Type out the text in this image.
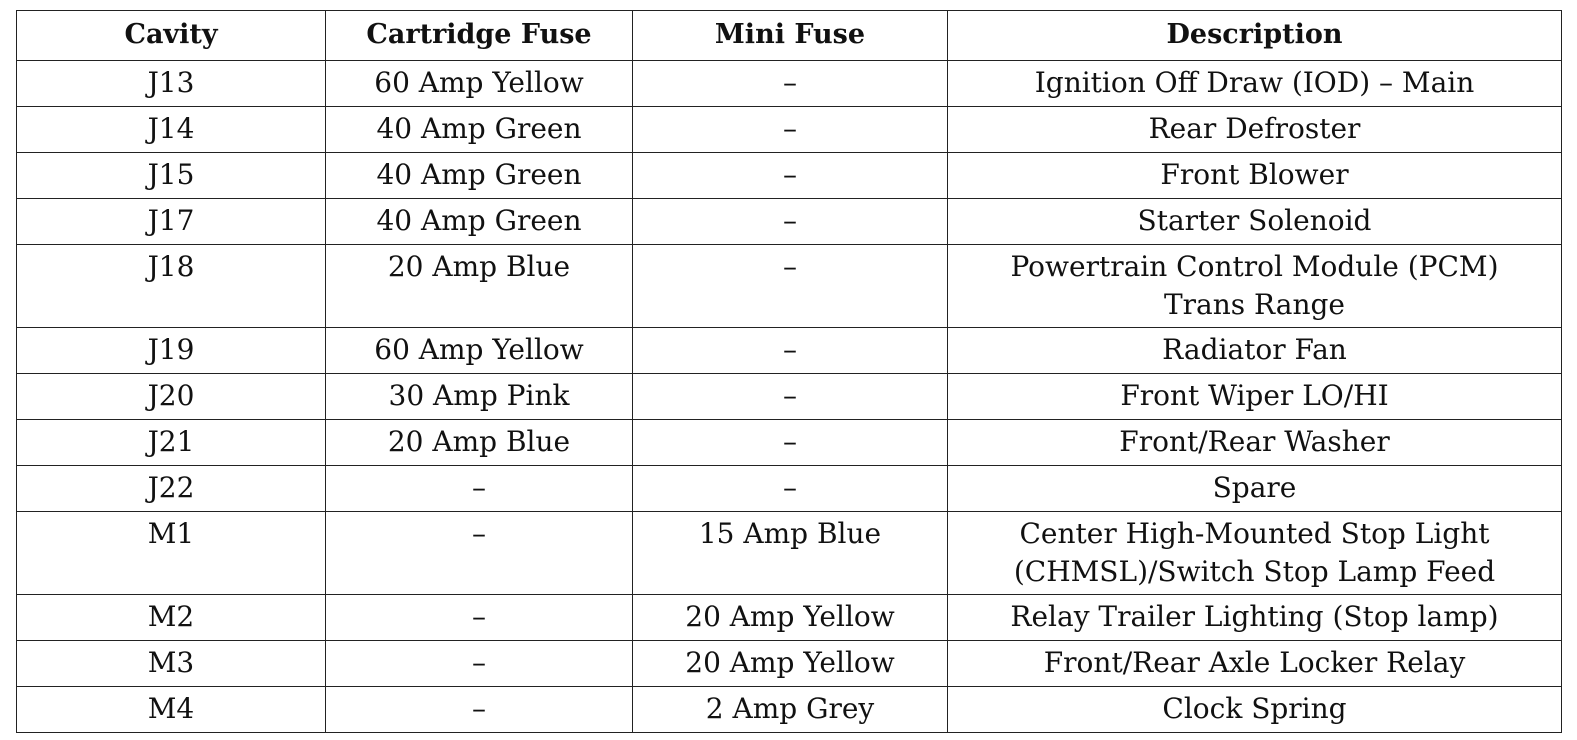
Cavity	Cartridge Fuse	Mini Fuse	Description
J13	60 Amp Yellow	–	Ignition Off Draw (IOD) – Main

J14	40 Amp Green	–	Rear Defroster

J15	40 Amp Green	–	Front Blower

J17	40 Amp Green	–	Starter Solenoid

J18	20 Amp Blue	–	Powertrain Control Module (PCM)
Trans Range

J19	60 Amp Yellow	–	Radiator Fan

J20	30 Amp Pink	–	Front Wiper LO/HI

J21	20 Amp Blue	–	Front/Rear Washer

J22	–	–	Spare

M1	–	15 Amp Blue	Center High-Mounted Stop Light
(CHMSL)/Switch Stop Lamp Feed

M2	–	20 Amp Yellow	Relay Trailer Lighting (Stop lamp)

M3	–	20 Amp Yellow	Front/Rear Axle Locker Relay

M4	–	2 Amp Grey	Clock Spring
